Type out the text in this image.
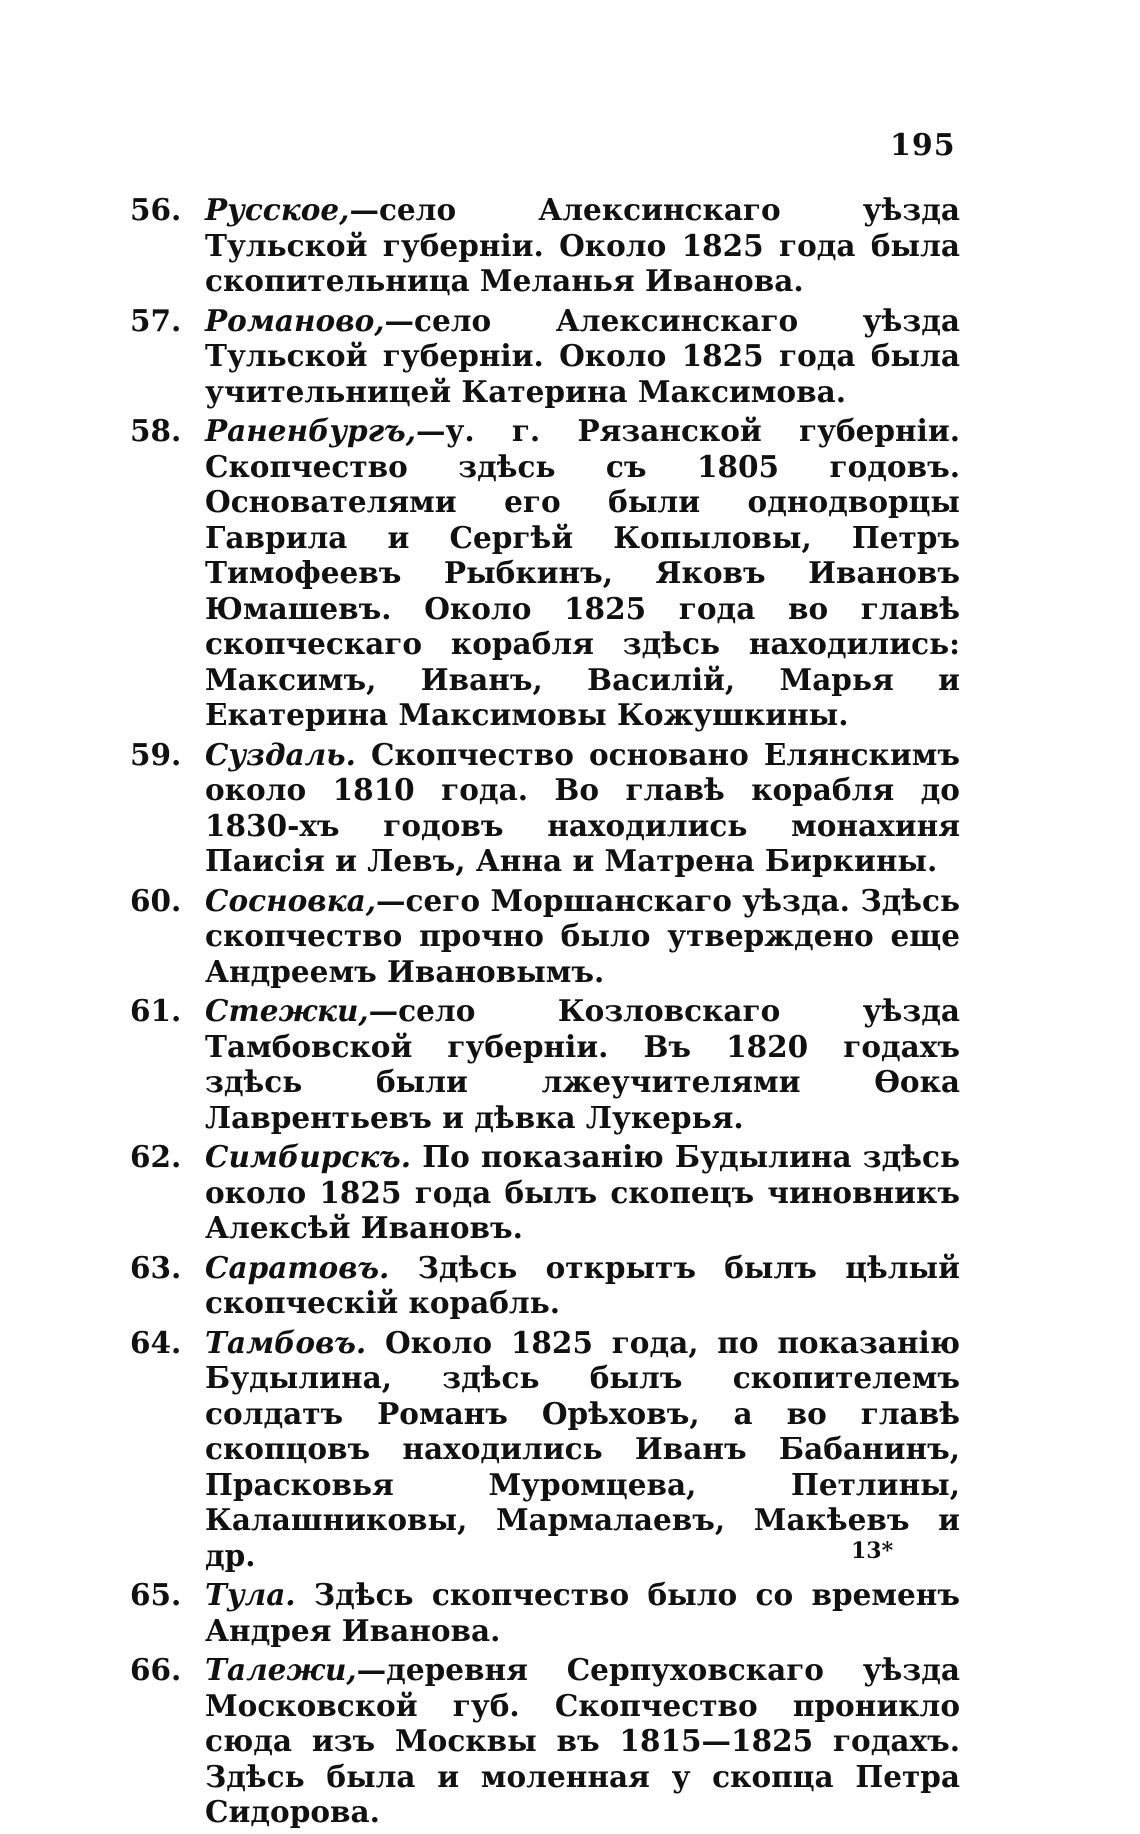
195
56. Русское,—село Алексинскаго уѣзда Тульской губерніи. Около 1825 года была скопительница Меланья Иванова.
57. Романово,—село Алексинскаго уѣзда Тульской губерніи. Около 1825 года была учительницей Катерина Максимова.
58. Раненбургъ,—у. г. Рязанской губерніи. Скопчество здѣсь съ 1805 годовъ. Основателями его были однодворцы Гаврила и Сергѣй Копыловы, Петръ Тимофеевъ Рыбкинъ, Яковъ Ивановъ Юмашевъ. Около 1825 года во главѣ скопческаго корабля здѣсь находились: Максимъ, Иванъ, Василій, Марья и Екатерина Максимовы Кожушкины.
59. Суздаль. Скопчество основано Елянскимъ около 1810 года. Во главѣ корабля до 1830-хъ годовъ находились монахиня Паисія и Левъ, Анна и Матрена Биркины.
60. Сосновка,—сего Моршанскаго уѣзда. Здѣсь скопчество прочно было утверждено еще Андреемъ Ивановымъ.
61. Стежки,—село Козловскаго уѣзда Тамбовской губерніи. Въ 1820 годахъ здѣсь были лжеучителями Ѳока Лаврентьевъ и дѣвка Лукерья.
62. Симбирскъ. По показанію Будылина здѣсь около 1825 года былъ скопецъ чиновникъ Алексѣй Ивановъ.
63. Саратовъ. Здѣсь открытъ былъ цѣлый скопческій корабль.
64. Тамбовъ. Около 1825 года, по показанію Будылина, здѣсь былъ скопителемъ солдатъ Романъ Орѣховъ, а во главѣ скопцовъ находились Иванъ Бабанинъ, Прасковья Муромцева, Петлины, Калашниковы, Мармалаевъ, Макѣевъ и др.
65. Тула. Здѣсь скопчество было со временъ Андрея Иванова.
66. Талежи,—деревня Серпуховскаго уѣзда Московской губ. Скопчество проникло сюда изъ Москвы въ 1815—1825 годахъ. Здѣсь была и моленная у скопца Петра Сидорова.
13*
